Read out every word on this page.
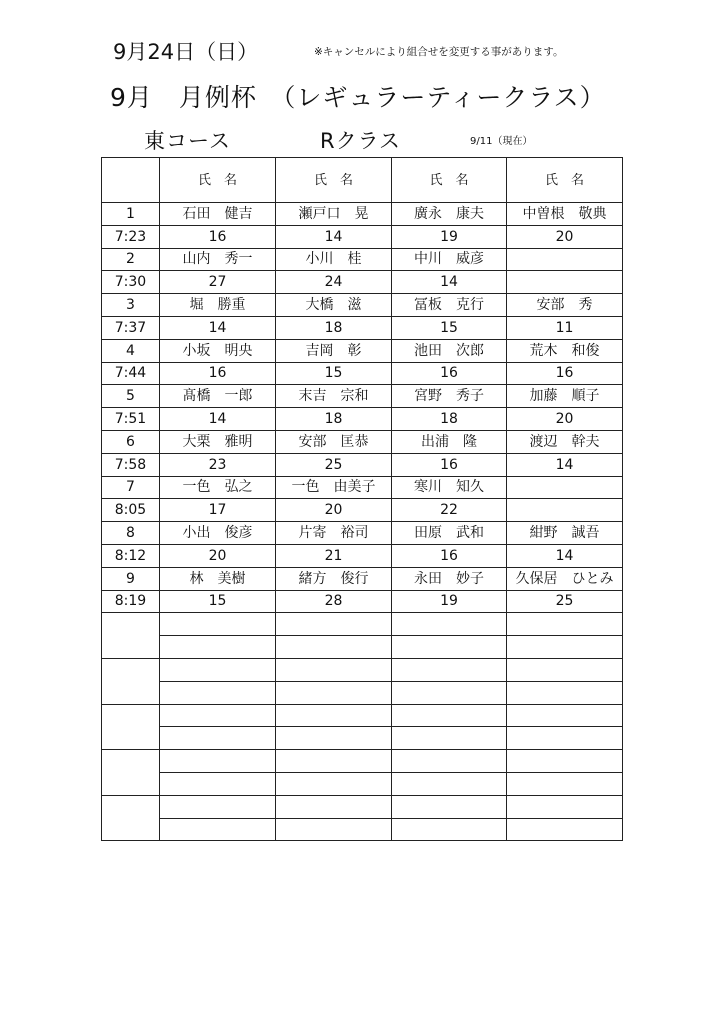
9月24日（日）	※キャンセルにより組合せを変更する事があります。
9月　月例杯　（レギュラーティークラス）
東コース	Rクラス	9/11（現在）
	氏　名	氏　名	氏　名	氏　名
1	石田　健吉	瀬戸口　晃	廣永　康夫	中曽根　敬典
7:23	16	14	19	20
2	山内　秀一	小川　桂	中川　威彦	
7:30	27	24	14	
3	堀　勝重	大橋　滋	冨板　克行	安部　秀
7:37	14	18	15	11
4	小坂　明央	吉岡　彰	池田　次郎	荒木　和俊
7:44	16	15	16	16
5	髙橋　一郎	末吉　宗和	宮野　秀子	加藤　順子
7:51	14	18	18	20
6	大栗　雅明	安部　匡恭	出浦　隆	渡辺　幹夫
7:58	23	25	16	14
7	一色　弘之	一色　由美子	寒川　知久	
8:05	17	20	22	
8	小出　俊彦	片寄　裕司	田原　武和	紺野　誠吾
8:12	20	21	16	14
9	林　美樹	緒方　俊行	永田　妙子	久保居　ひとみ
8:19	15	28	19	25
